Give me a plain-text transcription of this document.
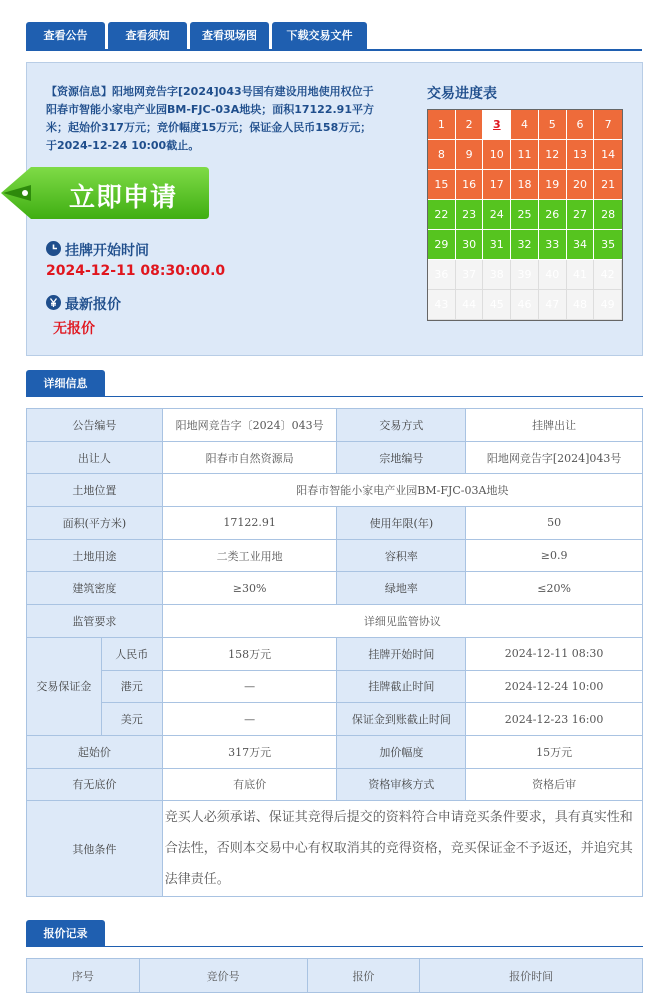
查看公告	查看须知	查看现场图	下载交易文件
【资源信息】阳地网竞告字[2024]043号国有建设用地使用权位于阳春市智能小家电产业园BM-FJC-03A地块；面积17122.91平方米；起始价317万元；竞价幅度15万元；保证金人民币158万元；于2024-12-24 10:00截止。
立即申请
挂牌开始时间
2024-12-11 08:30:00.0
最新报价
无报价
交易进度表
1	2	3	4	5	6	7
8	9	10	11	12	13	14
15	16	17	18	19	20	21
22	23	24	25	26	27	28
29	30	31	32	33	34	35
36	37	38	39	40	41	42
43	44	45	46	47	48	49
详细信息
公告编号		阳地网竞告字〔2024〕043号	交易方式	挂牌出让
出让人		阳春市自然资源局	宗地编号	阳地网竞告字[2024]043号
土地位置		阳春市智能小家电产业园BM-FJC-03A地块		
面积(平方米)		17122.91	使用年限(年)	50
土地用途		二类工业用地	容积率	≥0.9
建筑密度		≥30%	绿地率	≤20%
监管要求		详细见监管协议		
交易保证金	人民币	158万元	挂牌开始时间	2024-12-11 08:30
	港元	—	挂牌截止时间	2024-12-24 10:00
	美元	—	保证金到账截止时间	2024-12-23 16:00
起始价		317万元	加价幅度	15万元
有无底价		有底价	资格审核方式	资格后审
其他条件		竞买人必须承诺、保证其竞得后提交的资料符合申请竞买条件要求，具有真实性和合法性，否则本交易中心有权取消其的竞得资格，竞买保证金不予返还，并追究其法律责任。		
报价记录
序号	竞价号	报价	报价时间
